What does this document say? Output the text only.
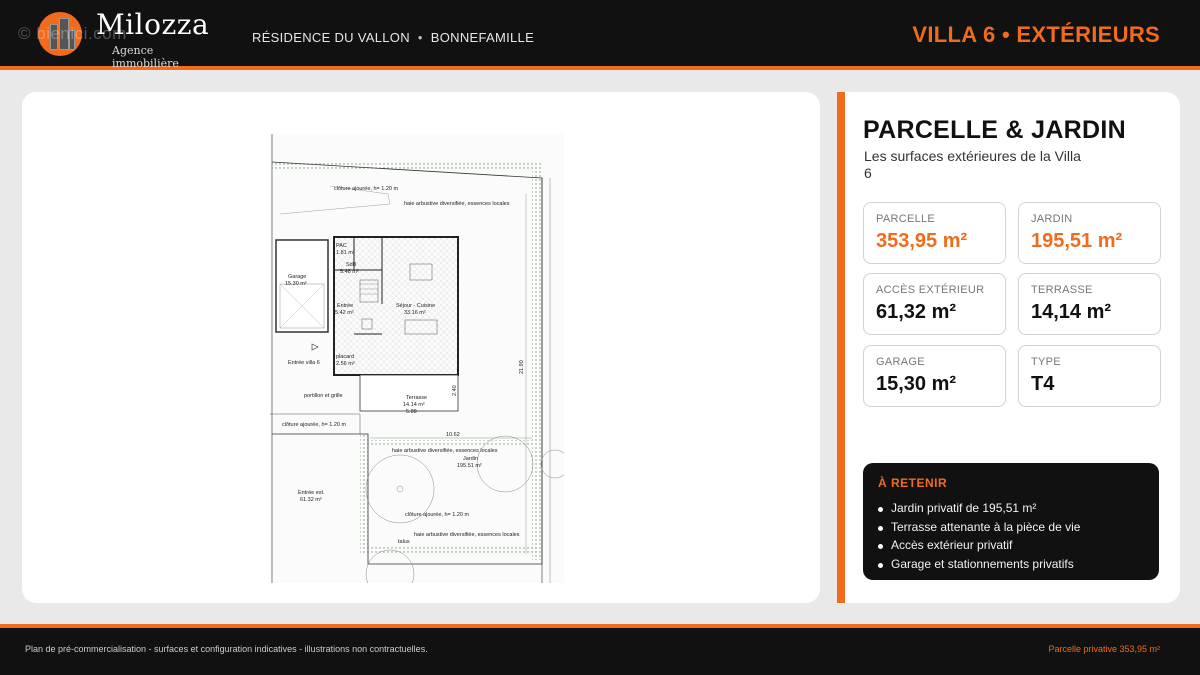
Milozza
Agence immobilière
© bienici.com	RÉSIDENCE DU VALLON • BONNEFAMILLE	VILLA 6 • EXTÉRIEURS
clôture ajourée, h= 1.20 m
haie arbustive diversifiée, essences locales
Garage
15.30 m²
PAC
1.81 m²
SdB
5.48 m²
Entrée
5.42 m²
Séjour - Cuisine
33.16 m²
Entrée villa 6
placard
2.56 m²
Terrasse
14.14 m²
5.88
portillon et grille
clôture ajourée, h= 1.20 m
10.62
21.90
2.40
haie arbustive diversifiée, essences locales
Jardin
195.51 m²
Entrée ext.
61.32 m²
clôture ajourée, h= 1.20 m
haie arbustive diversifiée, essences locales
talus
PARCELLE & JARDIN
Les surfaces extérieures de la Villa 6
PARCELLE
353,95 m²
JARDIN
195,51 m²
ACCÈS EXTÉRIEUR
61,32 m²
TERRASSE
14,14 m²
GARAGE
15,30 m²
TYPE
T4
À RETENIR
Jardin privatif de 195,51 m²
Terrasse attenante à la pièce de vie
Accès extérieur privatif
Garage et stationnements privatifs
Plan de pré-commercialisation - surfaces et configuration indicatives - illustrations non contractuelles.	Parcelle privative 353,95 m²
